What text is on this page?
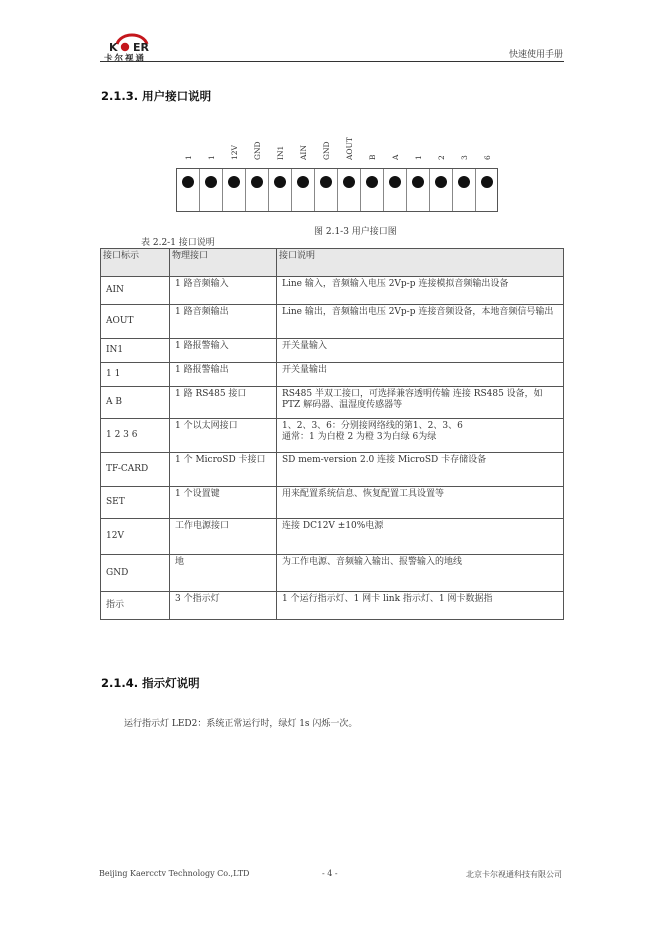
K ER
卡尔视通	快速使用手册
2.1.3. 用户接口说明
1 1 12V GND IN1 AIN GND AOUT B A 1 2 3 6
图 2.1-3 用户接口图
表 2.2-1 接口说明
接口标示	物理接口	接口说明
AIN	1 路音频输入	Line 输入，音频输入电压 2Vp-p 连接模拟音频输出设备
AOUT	1 路音频输出	Line 输出，音频输出电压 2Vp-p 连接音频设备，本地音频信号输出
IN1	1 路报警输入	开关量输入
1 1	1 路报警输出	开关量输出
A B	1 路 RS485 接口	RS485 半双工接口，可选择兼容透明传输 连接 RS485 设备，如 PTZ 解码器、温湿度传感器等
1 2 3 6	1 个以太网接口	1、2、3、6：分别接网络线的第1、2、3、6
通常：1 为白橙 2 为橙 3为白绿 6为绿
TF-CARD	1 个 MicroSD 卡接口	SD mem-version 2.0 连接 MicroSD 卡存储设备
SET	1 个设置键	用来配置系统信息、恢复配置工具设置等
12V	工作电源接口	连接 DC12V ±10%电源
GND	地	为工作电源、音频输入输出、报警输入的地线
指示	3 个指示灯	1 个运行指示灯、1 网卡 link 指示灯、1 网卡数据指
2.1.4. 指示灯说明
运行指示灯 LED2：系统正常运行时，绿灯 1s 闪烁一次。
Beijing Kaercctv Technology Co.,LTD	- 4 -	北京卡尔视通科技有限公司
